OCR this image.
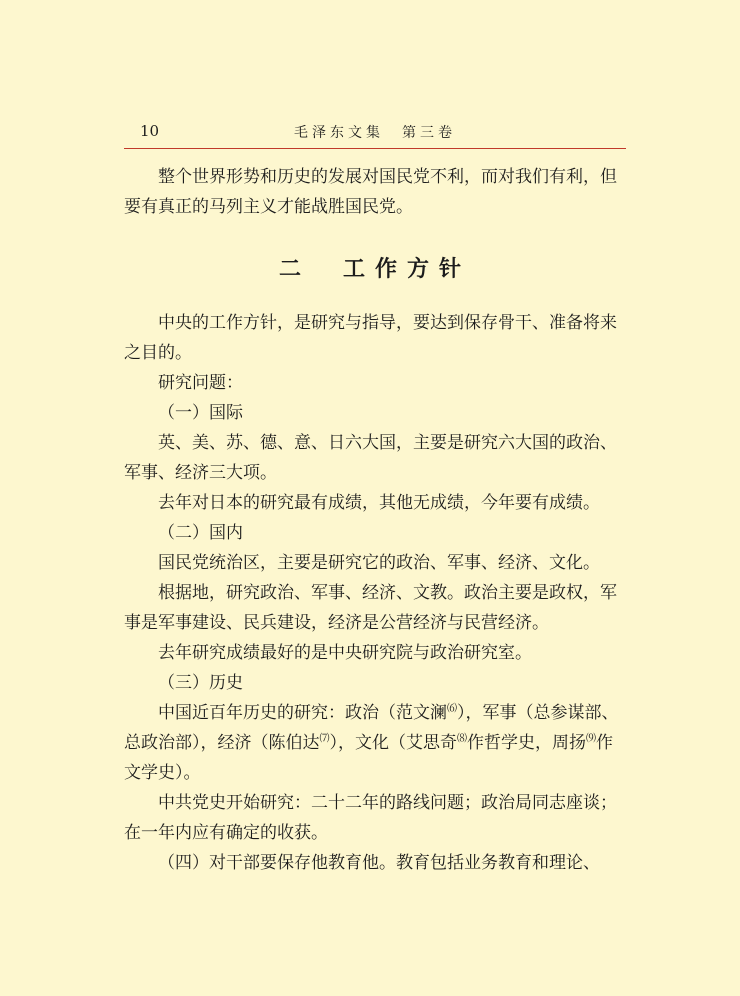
10	毛泽东文集　第三卷

整个世界形势和历史的发展对国民党不利，而对我们有利，但要有真正的马列主义才能战胜国民党。

二　工作方针

中央的工作方针，是研究与指导，要达到保存骨干、准备将来之目的。

研究问题：

（一）国际

英、美、苏、德、意、日六大国，主要是研究六大国的政治、军事、经济三大项。

去年对日本的研究最有成绩，其他无成绩，今年要有成绩。

（二）国内

国民党统治区，主要是研究它的政治、军事、经济、文化。

根据地，研究政治、军事、经济、文教。政治主要是政权，军事是军事建设、民兵建设，经济是公营经济与民营经济。

去年研究成绩最好的是中央研究院与政治研究室。

（三）历史

中国近百年历史的研究：政治（范文澜⑹），军事（总参谋部、总政治部），经济（陈伯达⑺），文化（艾思奇⑻作哲学史，周扬⑼作文学史）。

中共党史开始研究：二十二年的路线问题；政治局同志座谈；在一年内应有确定的收获。

（四）对干部要保存他教育他。教育包括业务教育和理论、
